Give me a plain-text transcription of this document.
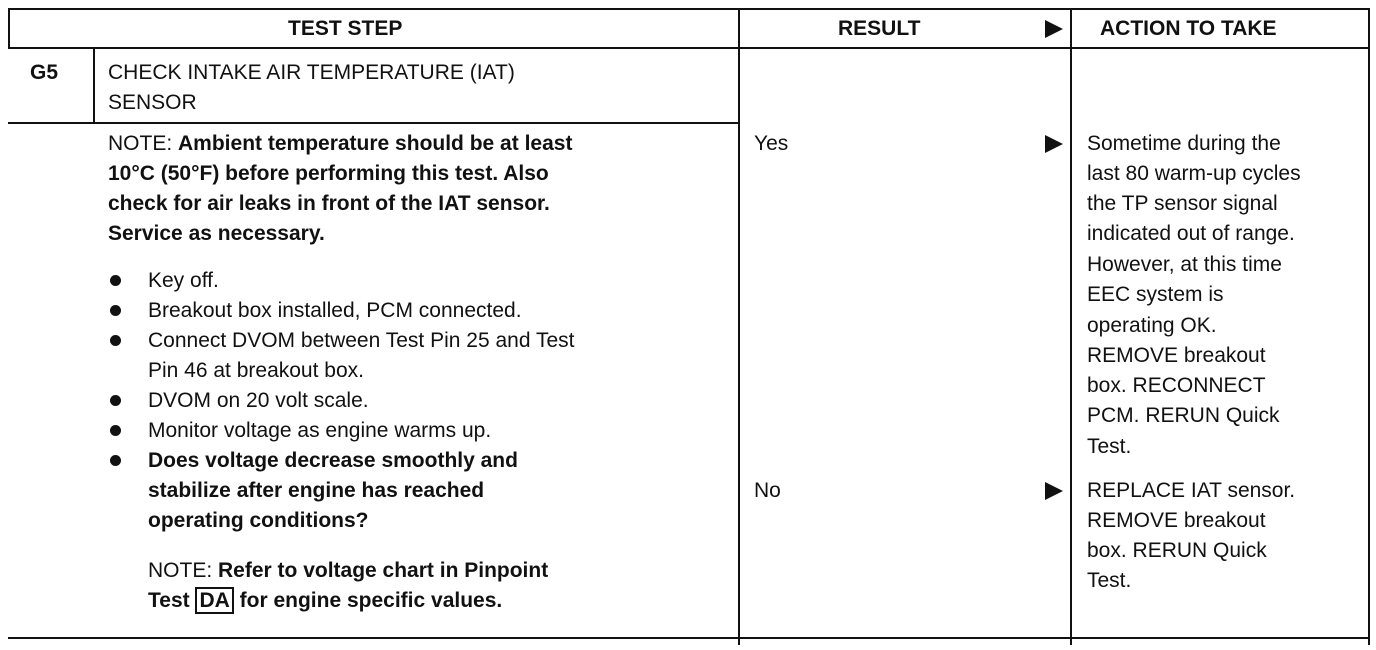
TEST STEP	RESULT	ACTION TO TAKE
G5 CHECK INTAKE AIR TEMPERATURE (IAT)
SENSOR
NOTE: Ambient temperature should be at least
10°C (50°F) before performing this test. Also
check for air leaks in front of the IAT sensor.
Service as necessary.
Key off.
Breakout box installed, PCM connected.
Connect DVOM between Test Pin 25 and Test
Pin 46 at breakout box.
DVOM on 20 volt scale.
Monitor voltage as engine warms up.
Does voltage decrease smoothly and
stabilize after engine has reached
operating conditions?
NOTE: Refer to voltage chart in Pinpoint
Test DA for engine specific values.
Yes
No
Sometime during the
last 80 warm-up cycles
the TP sensor signal
indicated out of range.
However, at this time
EEC system is
operating OK.
REMOVE breakout
box. RECONNECT
PCM. RERUN Quick
Test.
REPLACE IAT sensor.
REMOVE breakout
box. RERUN Quick
Test.
